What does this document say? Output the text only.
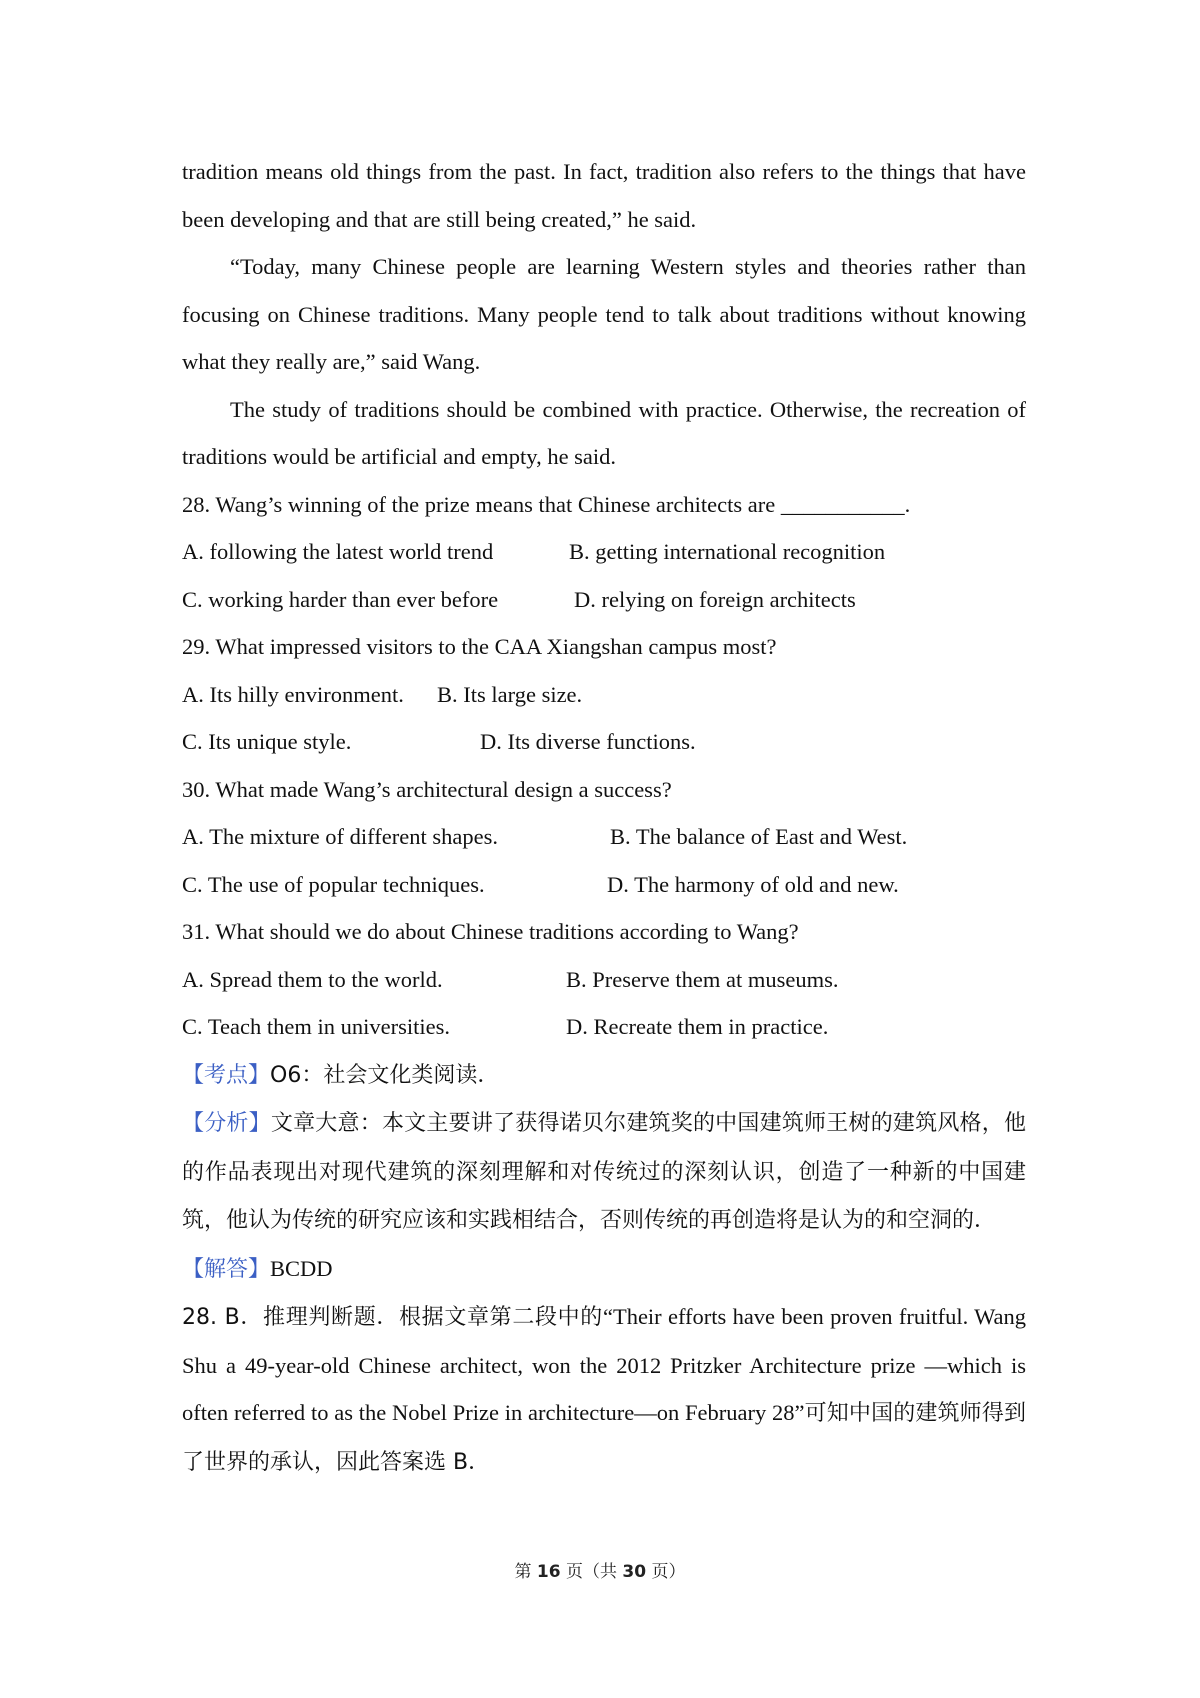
tradition means old things from the past. In fact, tradition also refers to the things that have been developing and that are still being created,” he said.

“Today, many Chinese people are learning Western styles and theories rather than focusing on Chinese traditions. Many people tend to talk about traditions without knowing what they really are,” said Wang.

The study of traditions should be combined with practice. Otherwise, the recreation of traditions would be artificial and empty, he said.

28. Wang’s winning of the prize means that Chinese architects are ___________.

A. following the latest world trend	B. getting international recognition
C. working harder than ever before	D. relying on foreign architects

29. What impressed visitors to the CAA Xiangshan campus most?

A. Its hilly environment.	B. Its large size.
C. Its unique style.	D. Its diverse functions.

30. What made Wang’s architectural design a success?

A. The mixture of different shapes.	B. The balance of East and West.
C. The use of popular techniques.	D. The harmony of old and new.

31. What should we do about Chinese traditions according to Wang?

A. Spread them to the world.	B. Preserve them at museums.
C. Teach them in universities.	D. Recreate them in practice.

【考点】O6：社会文化类阅读．

【分析】文章大意：本文主要讲了获得诺贝尔建筑奖的中国建筑师王树的建筑风格，他的作品表现出对现代建筑的深刻理解和对传统过的深刻认识，创造了一种新的中国建筑，他认为传统的研究应该和实践相结合，否则传统的再创造将是认为的和空洞的．

【解答】BCDD

28. B．推理判断题．根据文章第二段中的“Their efforts have been proven fruitful. Wang Shu a 49-year-old Chinese architect, won the 2012 Pritzker Architecture prize —which is often referred to as the Nobel Prize in architecture—on February 28”可知中国的建筑师得到了世界的承认，因此答案选 B．

第 16 页（共 30 页）
